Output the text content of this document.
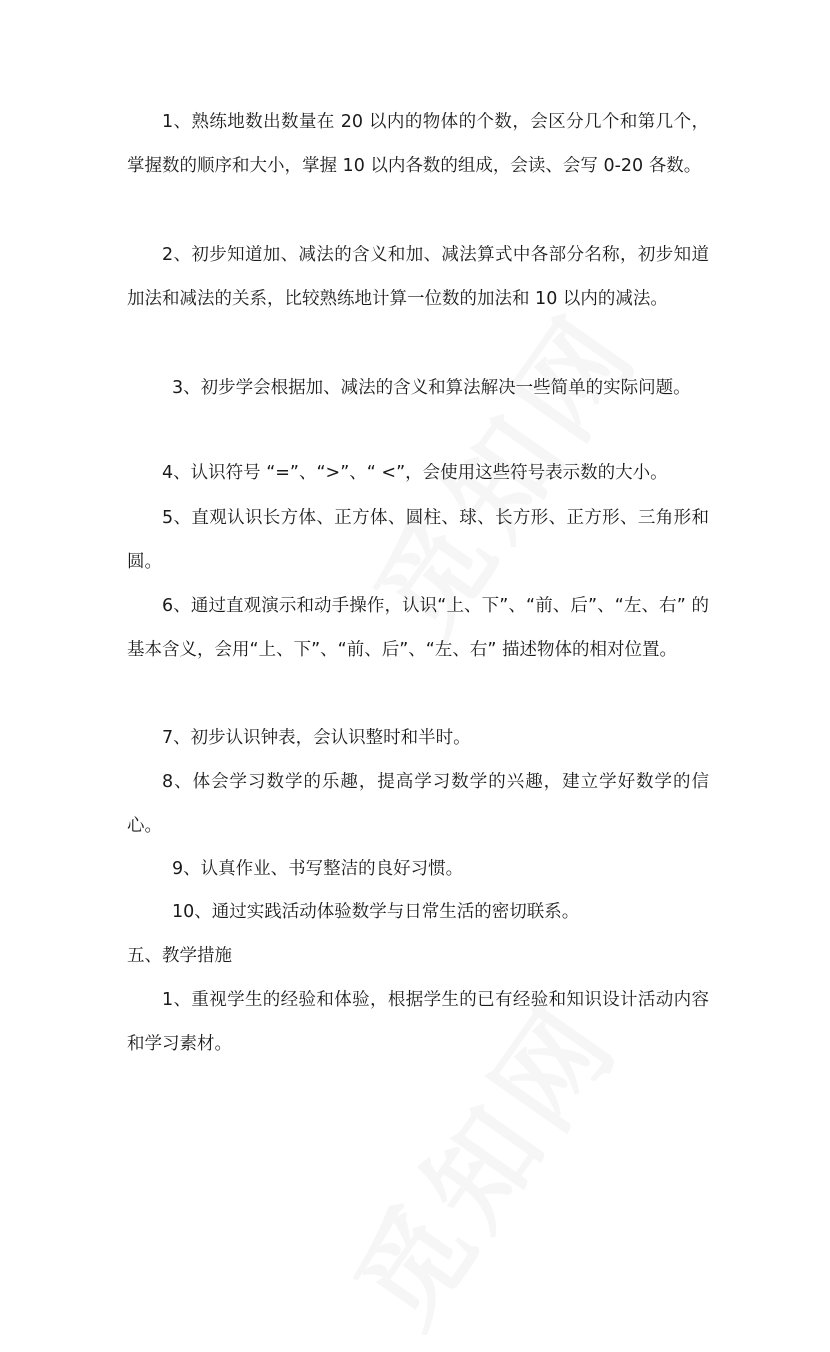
1、熟练地数出数量在 20 以内的物体的个数，会区分几个和第几个，掌握数的顺序和大小，掌握 10 以内各数的组成，会读、会写 0-20 各数。

2、初步知道加、减法的含义和加、减法算式中各部分名称，初步知道加法和减法的关系，比较熟练地计算一位数的加法和 10 以内的减法。

3、初步学会根据加、减法的含义和算法解决一些简单的实际问题。

4、认识符号 “=”、“>”、“ <”，会使用这些符号表示数的大小。

5、直观认识长方体、正方体、圆柱、球、长方形、正方形、三角形和圆。

6、通过直观演示和动手操作，认识“上、下”、“前、后”、“左、右” 的基本含义，会用“上、下”、“前、后”、“左、右” 描述物体的相对位置。

7、初步认识钟表，会认识整时和半时。

8、体会学习数学的乐趣，提高学习数学的兴趣，建立学好数学的信心。

9、认真作业、书写整洁的良好习惯。

10、通过实践活动体验数学与日常生活的密切联系。

五、教学措施

1、重视学生的经验和体验，根据学生的已有经验和知识设计活动内容和学习素材。
